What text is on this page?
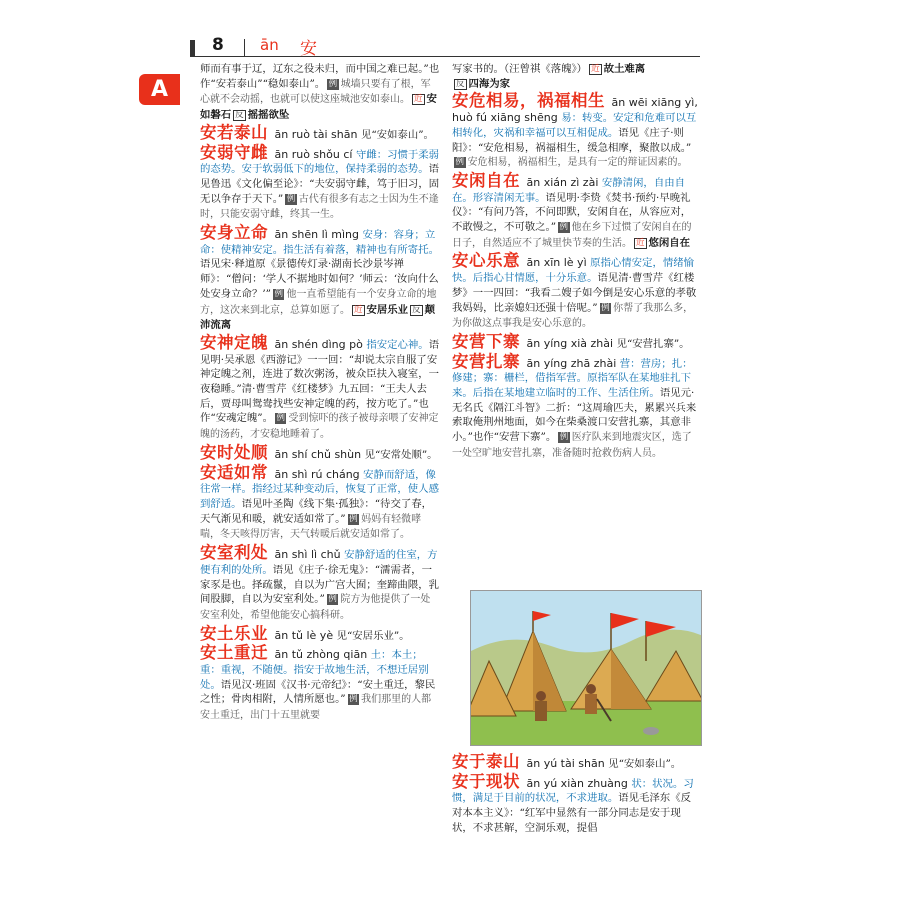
8 ān 安
A
师而有事于辽，辽东之役未归，而中国之难已起。”也作“安若泰山”“稳如泰山”。 例 城墙只要有了根，军心就不会动摇，也就可以使这座城池安如泰山。 近 安如磐石 反 摇摇欲坠
安若泰山 ān ruò tài shān 见“安如泰山”。
安弱守雌 ān ruò shǒu cí 守雌：习惯于柔弱的态势。安于软弱低下的地位，保持柔弱的态势。语见鲁迅《文化偏至论》：“夫安弱守雌，笃于旧习，固无以争存于天下。” 例 古代有很多有志之士因为生不逢时，只能安弱守雌，终其一生。
安身立命 ān shēn lì mìng 安身：容身；立命：使精神安定。指生活有着落，精神也有所寄托。语见宋·释道原《景德传灯录·湖南长沙景岑禅师》：“僧问：‘学人不据地时如何？’师云：‘汝向什么处安身立命？’” 例 他一直希望能有一个安身立命的地方，这次来到北京，总算如愿了。 近 安居乐业 反 颠沛流离
安神定魄 ān shén dìng pò 指安定心神。语见明·吴承恩《西游记》一一回：“却说太宗自服了安神定魄之剂，连进了数次粥汤，被众臣扶入寝室，一夜稳睡。”清·曹雪芹《红楼梦》九五回：“王夫人去后，贾母叫鸳鸯找些安神定魄的药，按方吃了。”也作“安魂定魄”。 例 受到惊吓的孩子被母亲喂了安神定魄的汤药，才安稳地睡着了。
安时处顺 ān shí chǔ shùn 见“安常处顺”。
安适如常 ān shì rú cháng 安静而舒适，像往常一样。指经过某种变动后，恢复了正常，使人感到舒适。语见叶圣陶《线下集·孤独》：“待交了春，天气渐见和暖，就安适如常了。” 例 妈妈有轻微哮喘，冬天咳得厉害，天气转暖后就安适如常了。
安室利处 ān shì lì chǔ 安静舒适的住室，方便有利的处所。语见《庄子·徐无鬼》：“濡需者，一家豕是也。择疏鬣，自以为广宫大囿；奎蹄曲隈，乳间股脚，自以为安室利处。” 例 院方为他提供了一处安室利处，希望他能安心搞科研。
安土乐业 ān tǔ lè yè 见“安居乐业”。
安土重迁 ān tǔ zhòng qiān 土：本土；重：重视，不随便。指安于故地生活，不想迁居别处。语见汉·班固《汉书·元帝纪》：“安土重迁，黎民之性；骨肉相附，人情所愿也。” 例 我们那里的人都安土重迁，出门十五里就要
写家书的。（汪曾祺《落魄》） 近 故土难离
反 四海为家
安危相易，祸福相生 ān wēi xiāng yì, huò fú xiāng shēng 易：转变。安定和危难可以互相转化，灾祸和幸福可以互相促成。语见《庄子·则阳》：“安危相易，祸福相生，缓急相摩，聚散以成。”例 安危相易，祸福相生，是具有一定的辩证因素的。
安闲自在 ān xián zì zài 安静清闲，自由自在。形容清闲无事。语见明·李贽《焚书·预约·早晚礼仪》：“有问乃答，不问即默，安闲自在，从容应对，不敢慢之，不可敬之。” 例 他在乡下过惯了安闲自在的日子，自然适应不了城里快节奏的生活。 近 悠闲自在
安心乐意 ān xīn lè yì 原指心情安定，情绪愉快。后指心甘情愿，十分乐意。语见清·曹雪芹《红楼梦》一一四回：“我看二嫂子如今倒是安心乐意的孝敬我妈妈，比亲媳妇还强十倍呢。” 例 你帮了我那么多，为你做这点事我是安心乐意的。
安营下寨 ān yíng xià zhài 见“安营扎寨”。
安营扎寨 ān yíng zhā zhài 营：营房；扎：修建；寨：栅栏，借指军营。原指军队在某地驻扎下来。后指在某地建立临时的工作、生活住所。语见元·无名氏《隔江斗智》二折：“这周瑜匹夫，累累兴兵来索取俺荆州地面，如今在柴桑渡口安营扎寨，其意非小。”也作“安营下寨”。 例 医疗队来到地震灾区，选了一处空旷地安营扎寨，准备随时抢救伤病人员。
安于泰山 ān yú tài shān 见“安如泰山”。
安于现状 ān yú xiàn zhuàng 状：状况。习惯，满足于目前的状况，不求进取。语见毛泽东《反对本本主义》：“红军中显然有一部分同志是安于现状，不求甚解，空洞乐观，提倡
